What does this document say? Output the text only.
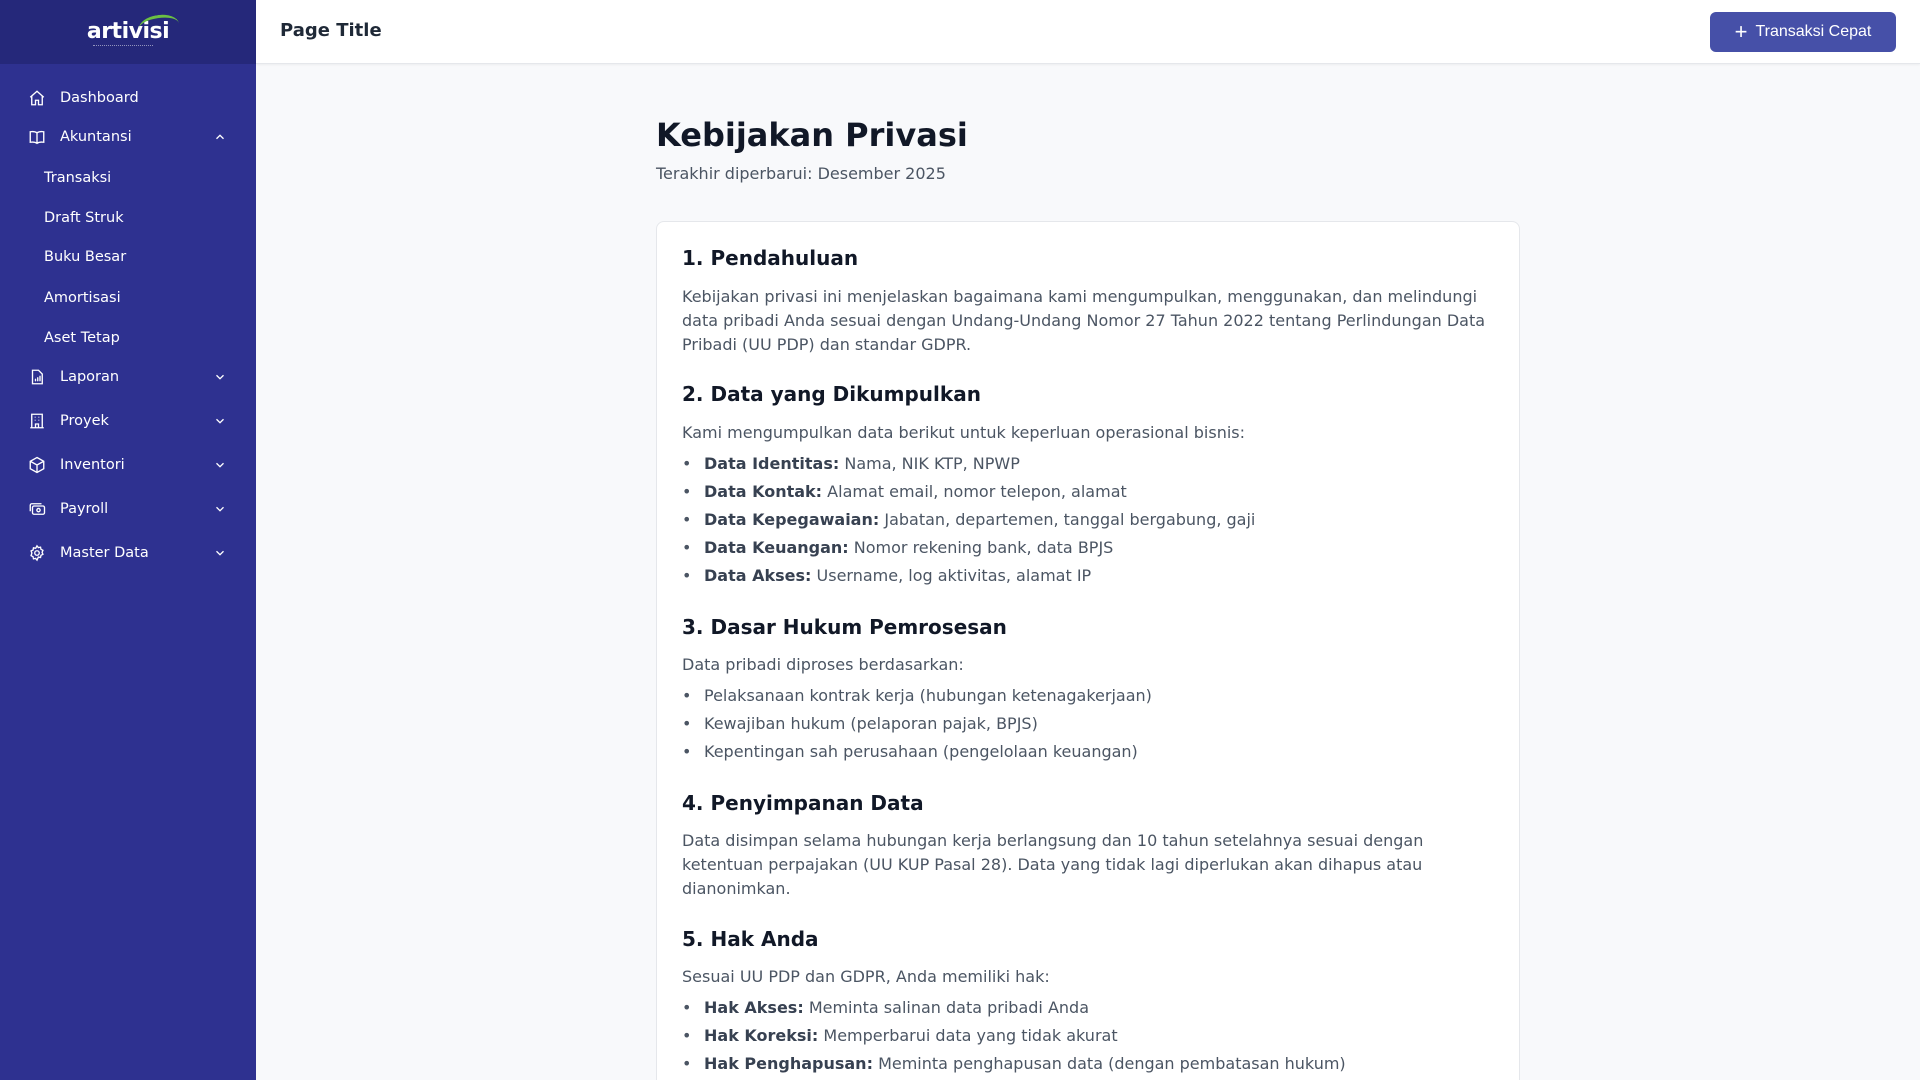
artivisi
Dashboard
Akuntansi
Transaksi
Draft Struk
Buku Besar
Amortisasi
Aset Tetap
Laporan
Proyek
Inventori
Payroll
Master Data
Page Title	+ Transaksi Cepat
Kebijakan Privasi

Terakhir diperbarui: Desember 2025

1. Pendahuluan

Kebijakan privasi ini menjelaskan bagaimana kami mengumpulkan, menggunakan, dan melindungi data pribadi Anda sesuai dengan Undang-Undang Nomor 27 Tahun 2022 tentang Perlindungan Data Pribadi (UU PDP) dan standar GDPR.

2. Data yang Dikumpulkan

Kami mengumpulkan data berikut untuk keperluan operasional bisnis:

• Data Identitas: Nama, NIK KTP, NPWP
• Data Kontak: Alamat email, nomor telepon, alamat
• Data Kepegawaian: Jabatan, departemen, tanggal bergabung, gaji
• Data Keuangan: Nomor rekening bank, data BPJS
• Data Akses: Username, log aktivitas, alamat IP
3. Dasar Hukum Pemrosesan

Data pribadi diproses berdasarkan:

• Pelaksanaan kontrak kerja (hubungan ketenagakerjaan)
• Kewajiban hukum (pelaporan pajak, BPJS)
• Kepentingan sah perusahaan (pengelolaan keuangan)
4. Penyimpanan Data

Data disimpan selama hubungan kerja berlangsung dan 10 tahun setelahnya sesuai dengan ketentuan perpajakan (UU KUP Pasal 28). Data yang tidak lagi diperlukan akan dihapus atau dianonimkan.

5. Hak Anda

Sesuai UU PDP dan GDPR, Anda memiliki hak:

• Hak Akses: Meminta salinan data pribadi Anda
• Hak Koreksi: Memperbarui data yang tidak akurat
• Hak Penghapusan: Meminta penghapusan data (dengan pembatasan hukum)
